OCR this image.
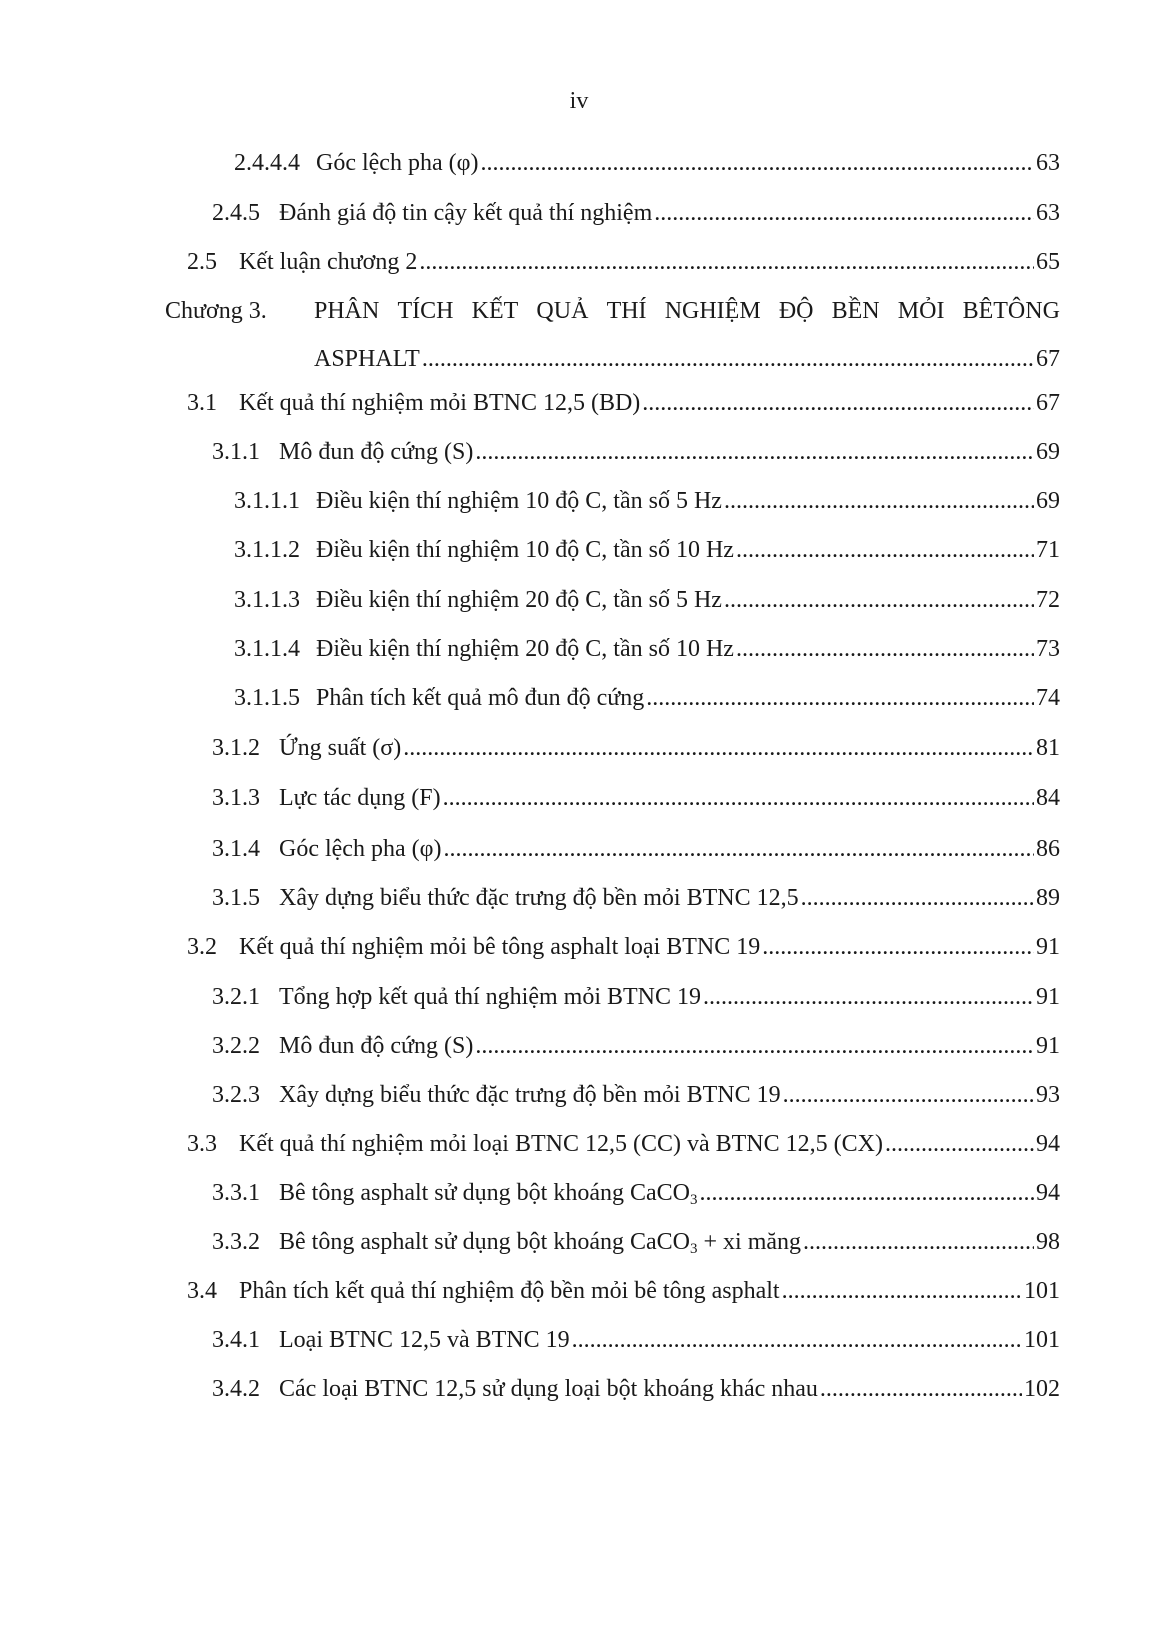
iv
2.4.4.4 Góc lệch pha (φ) .....	63
2.4.5 Đánh giá độ tin cậy kết quả thí nghiệm .....	63
2.5 Kết luận chương 2 .....	65
Chương 3. PHÂN TÍCH KẾT QUẢ THÍ NGHIỆM ĐỘ BỀN MỎI BÊTÔNG
ASPHALT .....	67
3.1 Kết quả thí nghiệm mỏi BTNC 12,5 (BD) .....	67
3.1.1 Mô đun độ cứng (S) .....	69
3.1.1.1 Điều kiện thí nghiệm 10 độ C, tần số 5 Hz .....	69
3.1.1.2 Điều kiện thí nghiệm 10 độ C, tần số 10 Hz .....	71
3.1.1.3 Điều kiện thí nghiệm 20 độ C, tần số 5 Hz .....	72
3.1.1.4 Điều kiện thí nghiệm 20 độ C, tần số 10 Hz .....	73
3.1.1.5 Phân tích kết quả mô đun độ cứng .....	74
3.1.2 Ứng suất (σ) .....	81
3.1.3 Lực tác dụng (F) .....	84
3.1.4 Góc lệch pha (φ) .....	86
3.1.5 Xây dựng biểu thức đặc trưng độ bền mỏi BTNC 12,5 .....	89
3.2 Kết quả thí nghiệm mỏi bê tông asphalt loại BTNC 19 .....	91
3.2.1 Tổng hợp kết quả thí nghiệm mỏi BTNC 19 .....	91
3.2.2 Mô đun độ cứng (S) .....	91
3.2.3 Xây dựng biểu thức đặc trưng độ bền mỏi BTNC 19 .....	93
3.3 Kết quả thí nghiệm mỏi loại BTNC 12,5 (CC) và BTNC 12,5 (CX) .....	94
3.3.1 Bê tông asphalt sử dụng bột khoáng CaCO$_3$ .....	94
3.3.2 Bê tông asphalt sử dụng bột khoáng CaCO$_3$ + xi măng .....	98
3.4 Phân tích kết quả thí nghiệm độ bền mỏi bê tông asphalt .....	101
3.4.1 Loại BTNC 12,5 và BTNC 19 .....	101
3.4.2 Các loại BTNC 12,5 sử dụng loại bột khoáng khác nhau .....	102
